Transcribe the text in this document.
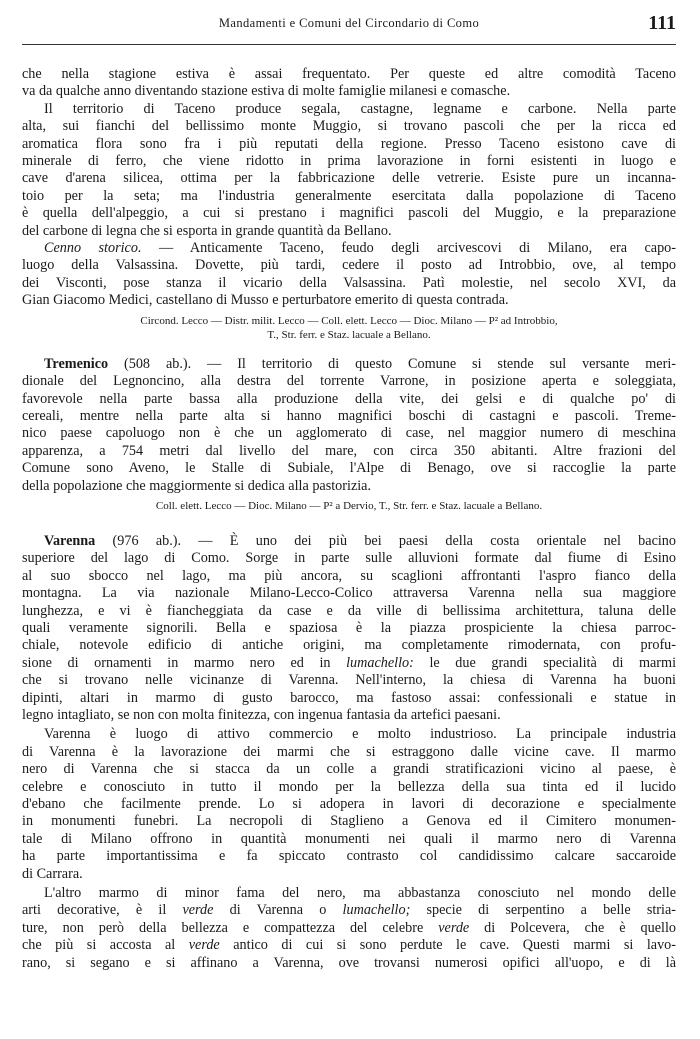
Mandamenti e Comuni del Circondario di Como	111
che nella stagione estiva è assai frequentato. Per queste ed altre comodità Taceno
va da qualche anno diventando stazione estiva di molte famiglie milanesi e comasche.
Il territorio di Taceno produce segala, castagne, legname e carbone. Nella parte
alta, sui fianchi del bellissimo monte Muggio, si trovano pascoli che per la ricca ed
aromatica flora sono fra i più reputati della regione. Presso Taceno esistono cave di
minerale di ferro, che viene ridotto in prima lavorazione in forni esistenti in luogo e
cave d'arena silicea, ottima per la fabbricazione delle vetrerie. Esiste pure un incanna-
toio per la seta; ma l'industria generalmente esercitata dalla popolazione di Taceno
è quella dell'alpeggio, a cui si prestano i magnifici pascoli del Muggio, e la preparazione
del carbone di legna che si esporta in grande quantità da Bellano.
Cenno storico. — Anticamente Taceno, feudo degli arcivescovi di Milano, era capo-
luogo della Valsassina. Dovette, più tardi, cedere il posto ad Introbbio, ove, al tempo
dei Visconti, pose stanza il vicario della Valsassina. Patì molestie, nel secolo XVI, da
Gian Giacomo Medici, castellano di Musso e perturbatore emerito di questa contrada.
Circond. Lecco — Distr. milit. Lecco — Coll. elett. Lecco — Dioc. Milano — P² ad Introbbio,
T., Str. ferr. e Staz. lacuale a Bellano.
Tremenico (508 ab.). — Il territorio di questo Comune si stende sul versante meri-
dionale del Legnoncino, alla destra del torrente Varrone, in posizione aperta e soleggiata,
favorevole nella parte bassa alla produzione della vite, dei gelsi e di qualche po' di
cereali, mentre nella parte alta si hanno magnifici boschi di castagni e pascoli. Treme-
nico paese capoluogo non è che un agglomerato di case, nel maggior numero di meschina
apparenza, a 754 metri dal livello del mare, con circa 350 abitanti. Altre frazioni del
Comune sono Aveno, le Stalle di Subiale, l'Alpe di Benago, ove si raccoglie la parte
della popolazione che maggiormente si dedica alla pastorizia.
Coll. elett. Lecco — Dioc. Milano — P² a Dervio, T., Str. ferr. e Staz. lacuale a Bellano.
Varenna (976 ab.). — È uno dei più bei paesi della costa orientale nel bacino
superiore del lago di Como. Sorge in parte sulle alluvioni formate dal fiume di Esino
al suo sbocco nel lago, ma più ancora, su scaglioni affrontanti l'aspro fianco della
montagna. La via nazionale Milano-Lecco-Colico attraversa Varenna nella sua maggiore
lunghezza, e vi è fiancheggiata da case e da ville di bellissima architettura, taluna delle
quali veramente signorili. Bella e spaziosa è la piazza prospiciente la chiesa parroc-
chiale, notevole edificio di antiche origini, ma completamente rimodernata, con profu-
sione di ornamenti in marmo nero ed in lumachello: le due grandi specialità di marmi
che si trovano nelle vicinanze di Varenna. Nell'interno, la chiesa di Varenna ha buoni
dipinti, altari in marmo di gusto barocco, ma fastoso assai: confessionali e statue in
legno intagliato, se non con molta finitezza, con ingenua fantasia da artefici paesani.
Varenna è luogo di attivo commercio e molto industrioso. La principale industria
di Varenna è la lavorazione dei marmi che si estraggono dalle vicine cave. Il marmo
nero di Varenna che si stacca da un colle a grandi stratificazioni vicino al paese, è
celebre e conosciuto in tutto il mondo per la bellezza della sua tinta ed il lucido
d'ebano che facilmente prende. Lo si adopera in lavori di decorazione e specialmente
in monumenti funebri. La necropoli di Staglieno a Genova ed il Cimitero monumen-
tale di Milano offrono in quantità monumenti nei quali il marmo nero di Varenna
ha parte importantissima e fa spiccato contrasto col candidissimo calcare saccaroide
di Carrara.
L'altro marmo di minor fama del nero, ma abbastanza conosciuto nel mondo delle
arti decorative, è il verde di Varenna o lumachello; specie di serpentino a belle stria-
ture, non però della bellezza e compattezza del celebre verde di Polcevera, che è quello
che più si accosta al verde antico di cui si sono perdute le cave. Questi marmi si lavo-
rano, si segano e si affinano a Varenna, ove trovansi numerosi opifici all'uopo, e di là
